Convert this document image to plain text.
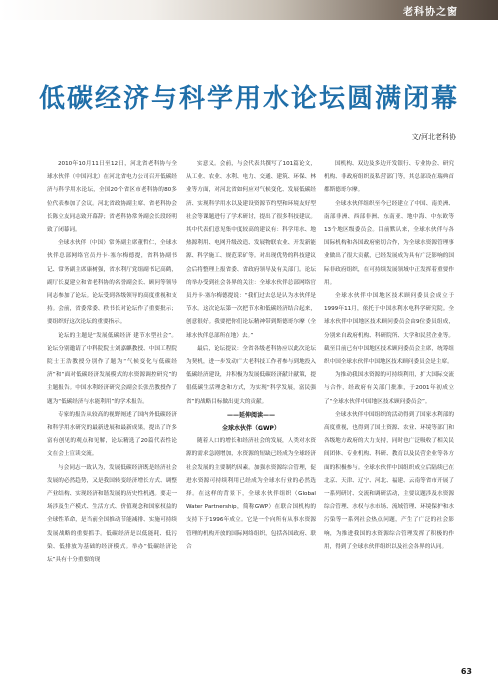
老科协之窗
低碳经济与科学用水论坛圆满闭幕
文/河北老科协

2010年10月11日至12日，河北省老科协与全球水伙伴（中国河北）在河北省电力公司召开低碳经济与科学用水论坛，全国20个省区市老科协的80多位代表参加了会议。河北省政协副主席、省老科协会长陈立友同志致开幕辞；省老科协常务副会长段经明致了闭幕词。

全球水伙伴（中国）常务副主席董哲仁，全球水伙伴总部网络官员丹卡·塞尔梅德提，省科协副书记、常务副主席康树强，省水利厅党组副书记高鹤，副厅长夏建立和省老科协的名誉副会长、顾问等领导同志参加了论坛。论坛受到各级领导的高度重视和支持。会前，省委常委、秩书长对论坛作了重要批示；要组织好这次论坛的重要指示。

论坛的主题是“发展低碳经济 建节水型社会”。论坛分别邀请了中科院院士刘嘉麒教授、中国工程院院士王浩教授分别作了题为“气候变化与低碳经济”和“面对低碳经济发展模式的水资源调控研究”的主题报告。中国水利经济研究会副会长张岳教授作了题为“低碳经济与水能利用”的学术报告。

专家的报告从较高的视野阐述了国内外低碳经济和科学用水研究的最新进展和最新成果，提出了许多富有创见的观点和见解，论坛精选了20篇代表性论文在会上宣读交流。

与会同志一致认为，发展低碳经济既是经济社会发展的必然趋势，又是我国转变经济增长方式、调整产业结构、实现经济和谐发展的历史性机遇。要走一场涉及生产模式、生活方式、价值观念和国家权益的全球性革命，是当前全国推动节能减排、实施可持续发展战略的重要抓手。低碳经济是以低能耗、低污染、低排放为基础的经济模式。举办“低碳经济论坛”具有十分重要的现

实意义。会前，与会代表共撰写了101篇论文，从工业、农业、水利、电力、交通、建筑、环保、林业等方面，对河北省如何应对气候变化、发展低碳经济、实现科学用水以及建设资源节约型和环境友好型社会等课题进行了学术研讨，提出了很多科技建议。其中代表们意见集中度较高的建议有：科学用水、地热源利用、电网升级改造、发展物联农业、开发新能源、科学施工、规范采矿等。对出现优势的科技建议会后将整理上报省委、省政府领导及有关部门。论坛的举办受到社会各界的关注：全球水伙伴总部网络官员丹卡·塞尔梅德提说：“我们过去总是认为水伙伴是节水。这次论坛第一次把节水和低碳经济结合起来，创意很好。我要把你们论坛精神带到斯德哥尔摩（全球水伙伴总部所在地）去。”

最后，论坛提议：全省各级老科协应以此次论坛为契机，进一步发动广大老科技工作者参与到地投入低碳经济建设，并积极为发展低碳经济献计献策，提倡低碳生活理念和方式，为实现“科学发展，富民强省”的战略目标做出更大的贡献。

——延伸阅读——

全球水伙伴（GWP）

随着人口的增长和经济社会的发展，人类对水资源的需求急剧增加，水资源的短缺已经成为全球经济社会发展的主要制约因素。加强水资源综合管理，促进水资源可持续利用已经成为全球水行业的必然选择。在这样的背景下，全球水伙伴组织（Global Water Partnership，简称GWP）在联合国机构的支持下于1996年成立。它是一个向所有从事水资源管理的机构开放的国际网络组织，包括各国政府、联合

国机构、双边及多边开发银行、专业协会、研究机构、非政府组织及私营部门等，其总部设在瑞典首都斯德哥尔摩。

全球水伙伴组织至今已经建立了中国、南美洲、南部非洲、西部非洲、东南亚、地中海、中东欧等13个地区级委员会。目前默认来，全球水伙伴与各国际机构和各国政府密切合作，为全球水资源管理事业做出了很大贡献，已经发展成为具有广泛影响的国际非政府组织，在可持续发展领域中正发挥着重要作用。

全球水伙伴中国地区技术顾问委员会成立于1999年11月，依托于中国水利水电科学研究院。全球水伙伴中国地区技术顾问委员会由9位委员组成，分别来自政府机构、科研院所、大学和民营企业等。截至目前已有中国地区技术顾问委员会主席，统筹组织中国全球水伙伴中国地区技术顾问委员会是主席。

为推动我国水资源的可持续利用，扩大国际交流与合作，经政府有关部门批准，于2001年初成立了“全球水伙伴中国地区技术顾问委员会”。

全球水伙伴中国组织的活动得到了国家水利部的高度重视，也得到了国土资源、农业、环境等部门和各级地方政府的大力支持，同时也广泛吸收了相关民间团体、专业机构、科研、教育以及民营企业等各方面的积极参与。全球水伙伴中国组织成立后陆续已在北京、天津、辽宁、河北、福建、云南等省市开展了一系列研讨、交流和调研活动，主要议题涉及水资源综合管理、水权与水市场、流域管理、环境保护和水污染等一系列社会热点问题，产生了广泛的社会影响，为推进我国的水资源综合管理发挥了积极的作用，得到了全球水伙伴组织以及社会各界的认同。

63
